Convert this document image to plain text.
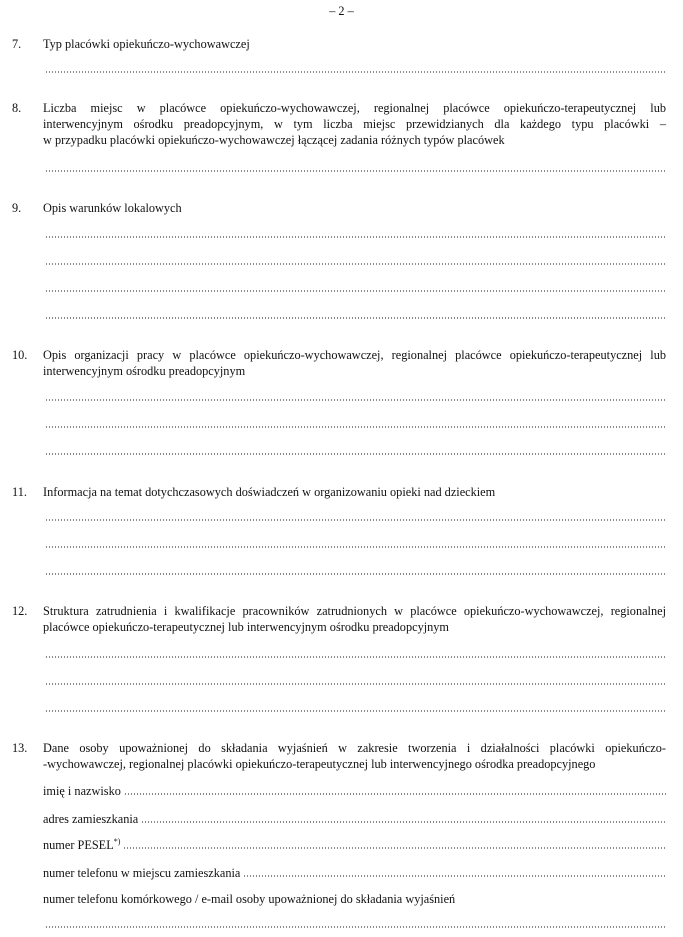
– 2 –
7. Typ placówki opiekuńczo-wychowawczej
8. Liczba miejsc w placówce opiekuńczo-wychowawczej, regionalnej placówce opiekuńczo-terapeutycznej lub
interwencyjnym ośrodku preadopcyjnym, w tym liczba miejsc przewidzianych dla każdego typu placówki –
w przypadku placówki opiekuńczo-wychowawczej łączącej zadania różnych typów placówek
9. Opis warunków lokalowych
10. Opis organizacji pracy w placówce opiekuńczo-wychowawczej, regionalnej placówce opiekuńczo-terapeutycznej lub
interwencyjnym ośrodku preadopcyjnym
11. Informacja na temat dotychczasowych doświadczeń w organizowaniu opieki nad dzieckiem
12. Struktura zatrudnienia i kwalifikacje pracowników zatrudnionych w placówce opiekuńczo-wychowawczej, regionalnej
placówce opiekuńczo-terapeutycznej lub interwencyjnym ośrodku preadopcyjnym
13. Dane osoby upoważnionej do składania wyjaśnień w zakresie tworzenia i działalności placówki opiekuńczo-
-wychowawczej, regionalnej placówki opiekuńczo-terapeutycznej lub interwencyjnego ośrodka preadopcyjnego
imię i nazwisko
adres zamieszkania
numer PESEL*)
numer telefonu w miejscu zamieszkania
numer telefonu komórkowego / e-mail osoby upoważnionej do składania wyjaśnień
